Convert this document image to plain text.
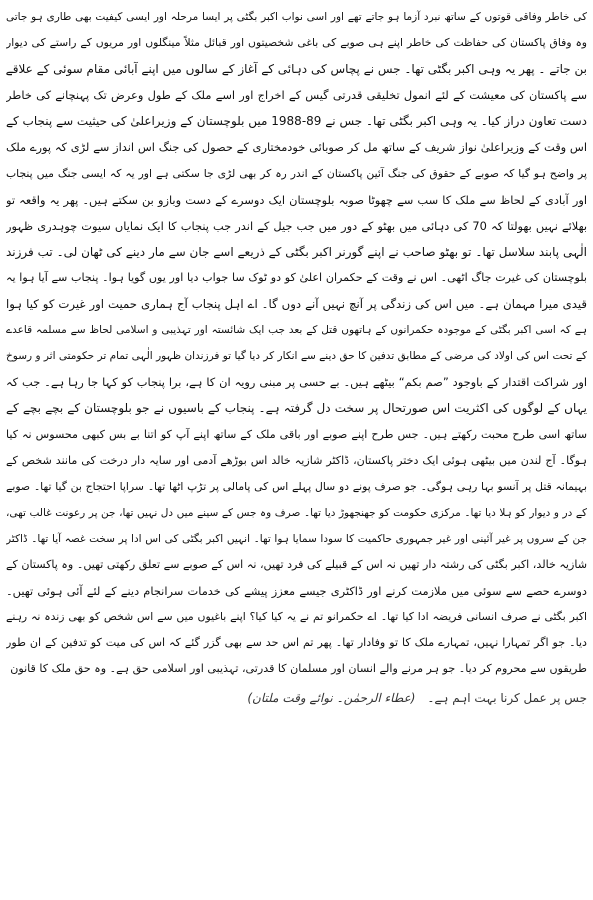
کی خاطر وفاقی قوتوں کے ساتھ نبرد آزما ہو جاتے تھے اور اسی نواب اکبر بگٹی پر ایسا مرحلہ اور ایسی کیفیت بھی طاری ہو جاتی
وہ وفاق پاکستان کی حفاظت کی خاطر اپنے ہی صوبے کی باغی شخصیتوں اور قبائل مثلاً مینگلوں اور مریوں کے راستے کی دیوار
بن جاتے ۔ پھر یہ وہی اکبر بگٹی تھا۔ جس نے پچاس کی دہائی کے آغاز کے سالوں میں اپنے آبائی مقام سوئی کے علاقے
سے پاکستان کی معیشت کے لئے انمول تخلیقی قدرتی گیس کے اخراج اور اسے ملک کے طول وعرض تک پہنچانے کی خاطر
دست تعاون دراز کیا۔ یہ وہی اکبر بگٹی تھا۔ جس نے 89-1988 میں بلوچستان کے وزیراعلیٰ کی حیثیت سے پنجاب کے
اس وقت کے وزیراعلیٰ نواز شریف کے ساتھ مل کر صوبائی خودمختاری کے حصول کی جنگ اس انداز سے لڑی کہ پورے ملک
پر واضح ہو گیا کہ صوبے کے حقوق کی جنگ آئین پاکستان کے اندر رہ کر بھی لڑی جا سکتی ہے اور یہ کہ ایسی جنگ میں پنجاب
اور آبادی کے لحاظ سے ملک کا سب سے چھوٹا صوبہ بلوچستان ایک دوسرے کے دست وبازو بن سکتے ہیں۔ پھر یہ واقعہ تو
بھلائے نہیں بھولتا کہ 70 کی دہائی میں بھٹو کے دور میں جب جیل کے اندر جب پنجاب کا ایک نمایاں سیوت چوہدری ظہور
الٰہی پابند سلاسل تھا۔ تو بھٹو صاحب نے اپنے گورنر اکبر بگٹی کے ذریعے اسے جان سے مار دینے کی ٹھان لی۔ تب فرزند
بلوچستان کی غیرت جاگ اٹھی۔ اس نے وقت کے حکمران اعلیٰ کو دو ٹوک سا جواب دیا اور یوں گویا ہوا۔ پنجاب سے آیا ہوا یہ
قیدی میرا مہمان ہے۔ میں اس کی زندگی پر آنچ نہیں آنے دوں گا۔ اے اہل پنجاب آج ہماری حمیت اور غیرت کو کیا ہوا
ہے کہ اسی اکبر بگٹی کے موجودہ حکمرانوں کے ہاتھوں قتل کے بعد جب ایک شائستہ اور تہذیبی و اسلامی لحاظ سے مسلمہ قاعدے
کے تحت اس کی اولاد کی مرضی کے مطابق تدفین کا حق دینے سے انکار کر دیا گیا تو فرزندان ظہور الٰہی تمام تر حکومتی اثر و رسوخ
اور شراکت اقتدار کے باوجود ”صم بکم“ بیٹھے ہیں۔ بے حسی پر مبنی رویہ ان کا ہے، برا پنجاب کو کہا جا رہا ہے۔ جب کہ
یہاں کے لوگوں کی اکثریت اس صورتحال پر سخت دل گرفتہ ہے۔ پنجاب کے باسیوں نے جو بلوچستان کے بچے بچے کے
ساتھ اسی طرح محبت رکھتے ہیں۔ جس طرح اپنے صوبے اور باقی ملک کے ساتھ اپنے آپ کو اتنا بے بس کبھی محسوس نہ کیا
ہوگا۔ آج لندن میں بیٹھی ہوئی ایک دختر پاکستان، ڈاکٹر شازیہ خالد اس بوڑھے آدمی اور سایہ دار درخت کی مانند شخص کے
بہیمانہ قتل پر آنسو بہا رہی ہوگی۔ جو صرف پونے دو سال پہلے اس کی پامالی پر تڑپ اٹھا تھا۔ سراپا احتجاج بن گیا تھا۔ صوبے
کے در و دیوار کو ہلا دیا تھا۔ مرکزی حکومت کو جھنجھوڑ دیا تھا۔ صرف وہ جس کے سینے میں دل نہیں تھا، جن پر رعونت غالب تھی،
جن کے سروں پر غیر آئینی اور غیر جمہوری حاکمیت کا سودا سمایا ہوا تھا۔ انہیں اکبر بگٹی کی اس ادا پر سخت غصہ آیا تھا۔ ڈاکٹر
شازیہ خالد، اکبر بگٹی کی رشتہ دار تھیں نہ اس کے قبیلے کی فرد تھیں، نہ اس کے صوبے سے تعلق رکھتی تھیں۔ وہ پاکستان کے
دوسرے حصے سے سوئی میں ملازمت کرنے اور ڈاکٹری جیسے معزز پیشے کی خدمات سرانجام دینے کے لئے آئی ہوئی تھیں۔
اکبر بگٹی نے صرف انسانی فریضہ ادا کیا تھا۔ اے حکمرانو تم نے یہ کیا کیا؟ اپنے باغیوں میں سے اس شخص کو بھی زندہ نہ رہنے
دیا۔ جو اگر تمہارا نہیں، تمہارے ملک کا تو وفادار تھا۔ پھر تم اس حد سے بھی گزر گئے کہ اس کی میت کو تدفین کے ان طور
طریقوں سے محروم کر دیا۔ جو ہر مرنے والے انسان اور مسلمان کا قدرتی، تہذیبی اور اسلامی حق ہے۔ وہ حق ملک کا قانون
جس پر عمل کرنا بہت اہم ہے۔ (عطاء الرحمٰن۔ نوائے وقت ملتان)
